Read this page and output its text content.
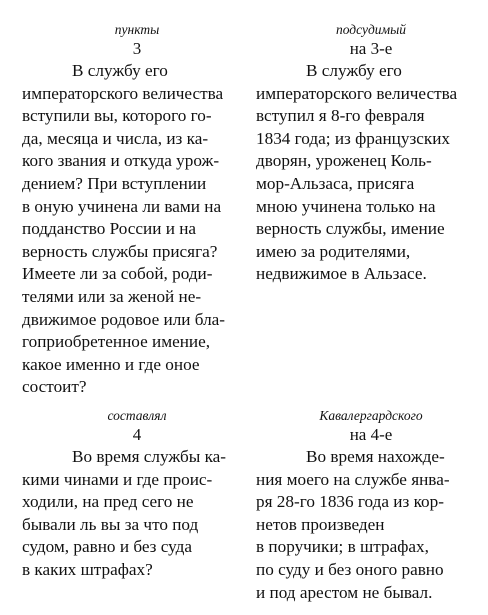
пункты
3
В службу его
императорского величества
вступили вы, которого го-
да, месяца и числа, из ка-
кого звания и откуда урож-
дением? При вступлении
в оную учинена ли вами на
подданство России и на
верность службы присяга?
Имеете ли за собой, роди-
телями или за женой не-
движимое родовое или бла-
гоприобретенное имение,
какое именно и где оное
состоит?
подсудимый
на 3-е
В службу его
императорского величества
вступил я 8-го февраля
1834 года; из французских
дворян, уроженец Коль-
мор-Альзаса, присяга
мною учинена только на
верность службы, имение
имею за родителями,
недвижимое в Альзасе.
составлял
4
Во время службы ка-
кими чинами и где проис-
ходили, на пред сего не
бывали ль вы за что под
судом, равно и без суда
в каких штрафах?
Кавалергардского
на 4-е
Во время нахожде-
ния моего на службе янва-
ря 28-го 1836 года из кор-
нетов произведен
в поручики; в штрафах,
по суду и без оного равно
и под арестом не бывал.
